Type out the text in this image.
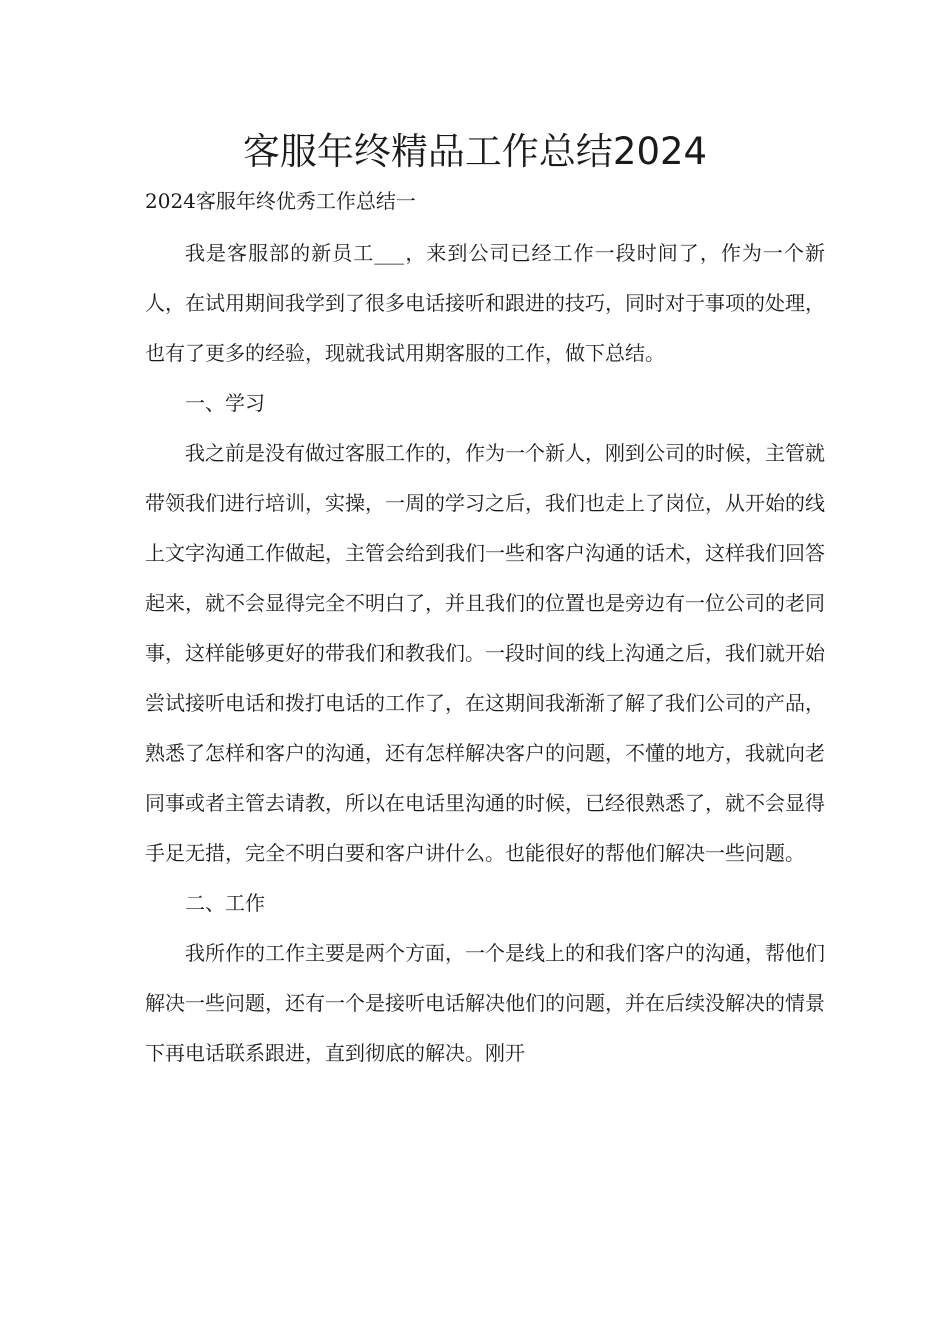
客服年终精品工作总结2024

2024客服年终优秀工作总结一

我是客服部的新员工___，来到公司已经工作一段时间了，作为一个新人，在试用期间我学到了很多电话接听和跟进的技巧，同时对于事项的处理，也有了更多的经验，现就我试用期客服的工作，做下总结。

一、学习

我之前是没有做过客服工作的，作为一个新人，刚到公司的时候，主管就带领我们进行培训，实操，一周的学习之后，我们也走上了岗位，从开始的线上文字沟通工作做起，主管会给到我们一些和客户沟通的话术，这样我们回答起来，就不会显得完全不明白了，并且我们的位置也是旁边有一位公司的老同事，这样能够更好的带我们和教我们。一段时间的线上沟通之后，我们就开始尝试接听电话和拨打电话的工作了，在这期间我渐渐了解了我们公司的产品，熟悉了怎样和客户的沟通，还有怎样解决客户的问题，不懂的地方，我就向老同事或者主管去请教，所以在电话里沟通的时候，已经很熟悉了，就不会显得手足无措，完全不明白要和客户讲什么。也能很好的帮他们解决一些问题。

二、工作

我所作的工作主要是两个方面，一个是线上的和我们客户的沟通，帮他们解决一些问题，还有一个是接听电话解决他们的问题，并在后续没解决的情景下再电话联系跟进，直到彻底的解决。刚开
